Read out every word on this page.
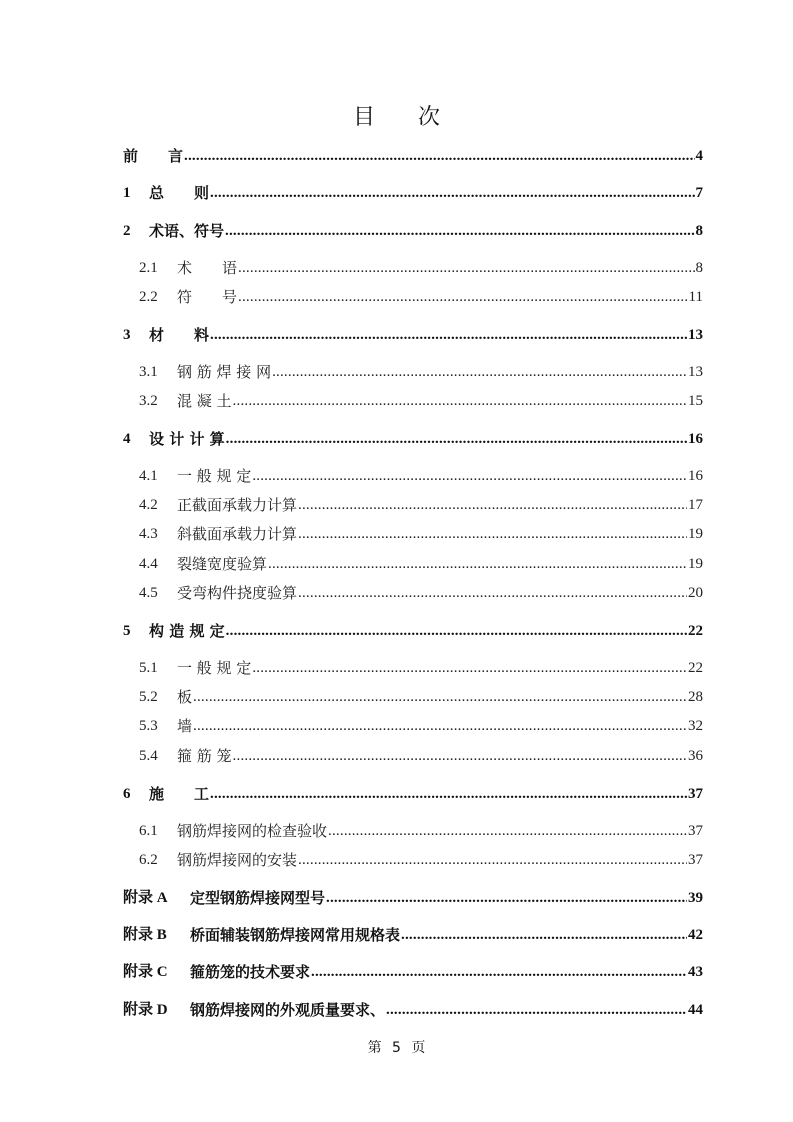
目 次
前　　言 .....	4
1	总　　则 .....	7
2	术语、符号 .....	8
2.1	术　　语 .....	8
2.2	符　　号 .....	11
3	材　　料 .....	13
3.1	钢 筋 焊 接 网 .....	13
3.2	混 凝 土 .....	15
4	设 计 计 算 .....	16
4.1	一 般 规 定 .....	16
4.2	正截面承载力计算 .....	17
4.3	斜截面承载力计算 .....	19
4.4	裂缝宽度验算 .....	19
4.5	受弯构件挠度验算 .....	20
5	构 造 规 定 .....	22
5.1	一 般 规 定 .....	22
5.2	板 .....	28
5.3	墙 .....	32
5.4	箍 筋 笼 .....	36
6	施　　工 .....	37
6.1	钢筋焊接网的检查验收 .....	37
6.2	钢筋焊接网的安装 .....	37
附录 A	定型钢筋焊接网型号 .....	39
附录 B	桥面辅装钢筋焊接网常用规格表 .....	42
附录 C	箍筋笼的技术要求 .....	43
附录 D	钢筋焊接网的外观质量要求、 .....	44
第 5 页
